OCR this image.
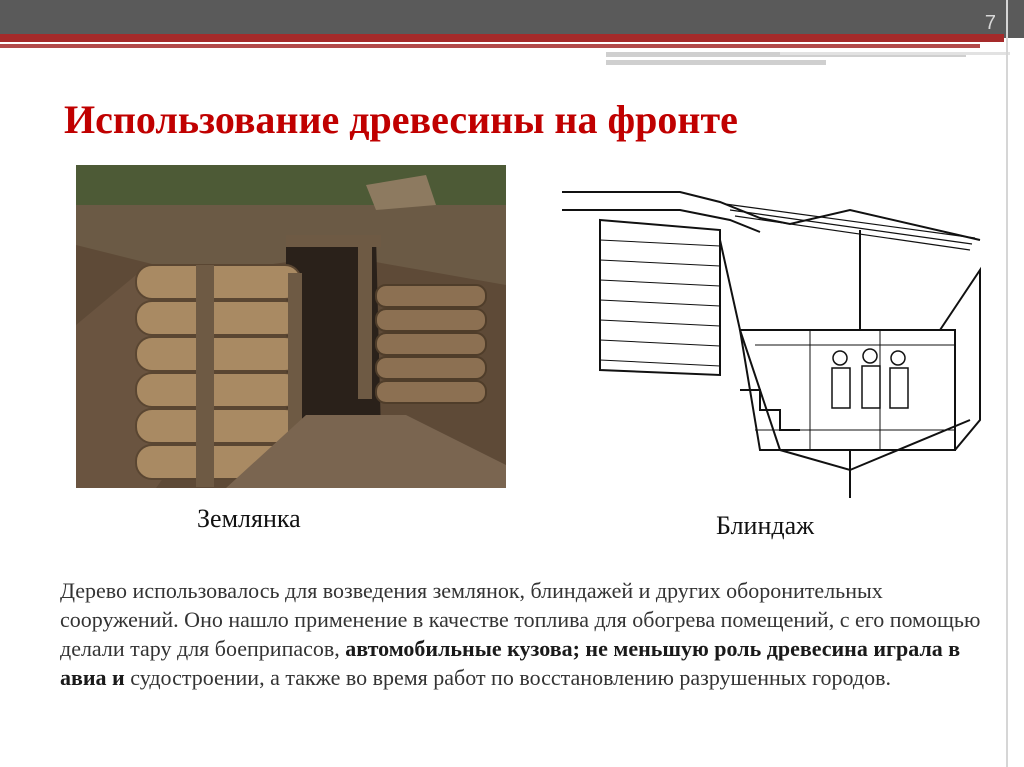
7
Использование древесины на фронте
Землянка	Блиндаж

Дерево использовалось для возведения землянок, блиндажей и других оборонительных сооружений. Оно нашло применение в качестве топлива для обогрева помещений, с его помощью делали тару для боеприпасов, автомобильные кузова; не меньшую роль древесина играла в авиа и судостроении, а также во время работ по восстановлению разрушенных городов.
